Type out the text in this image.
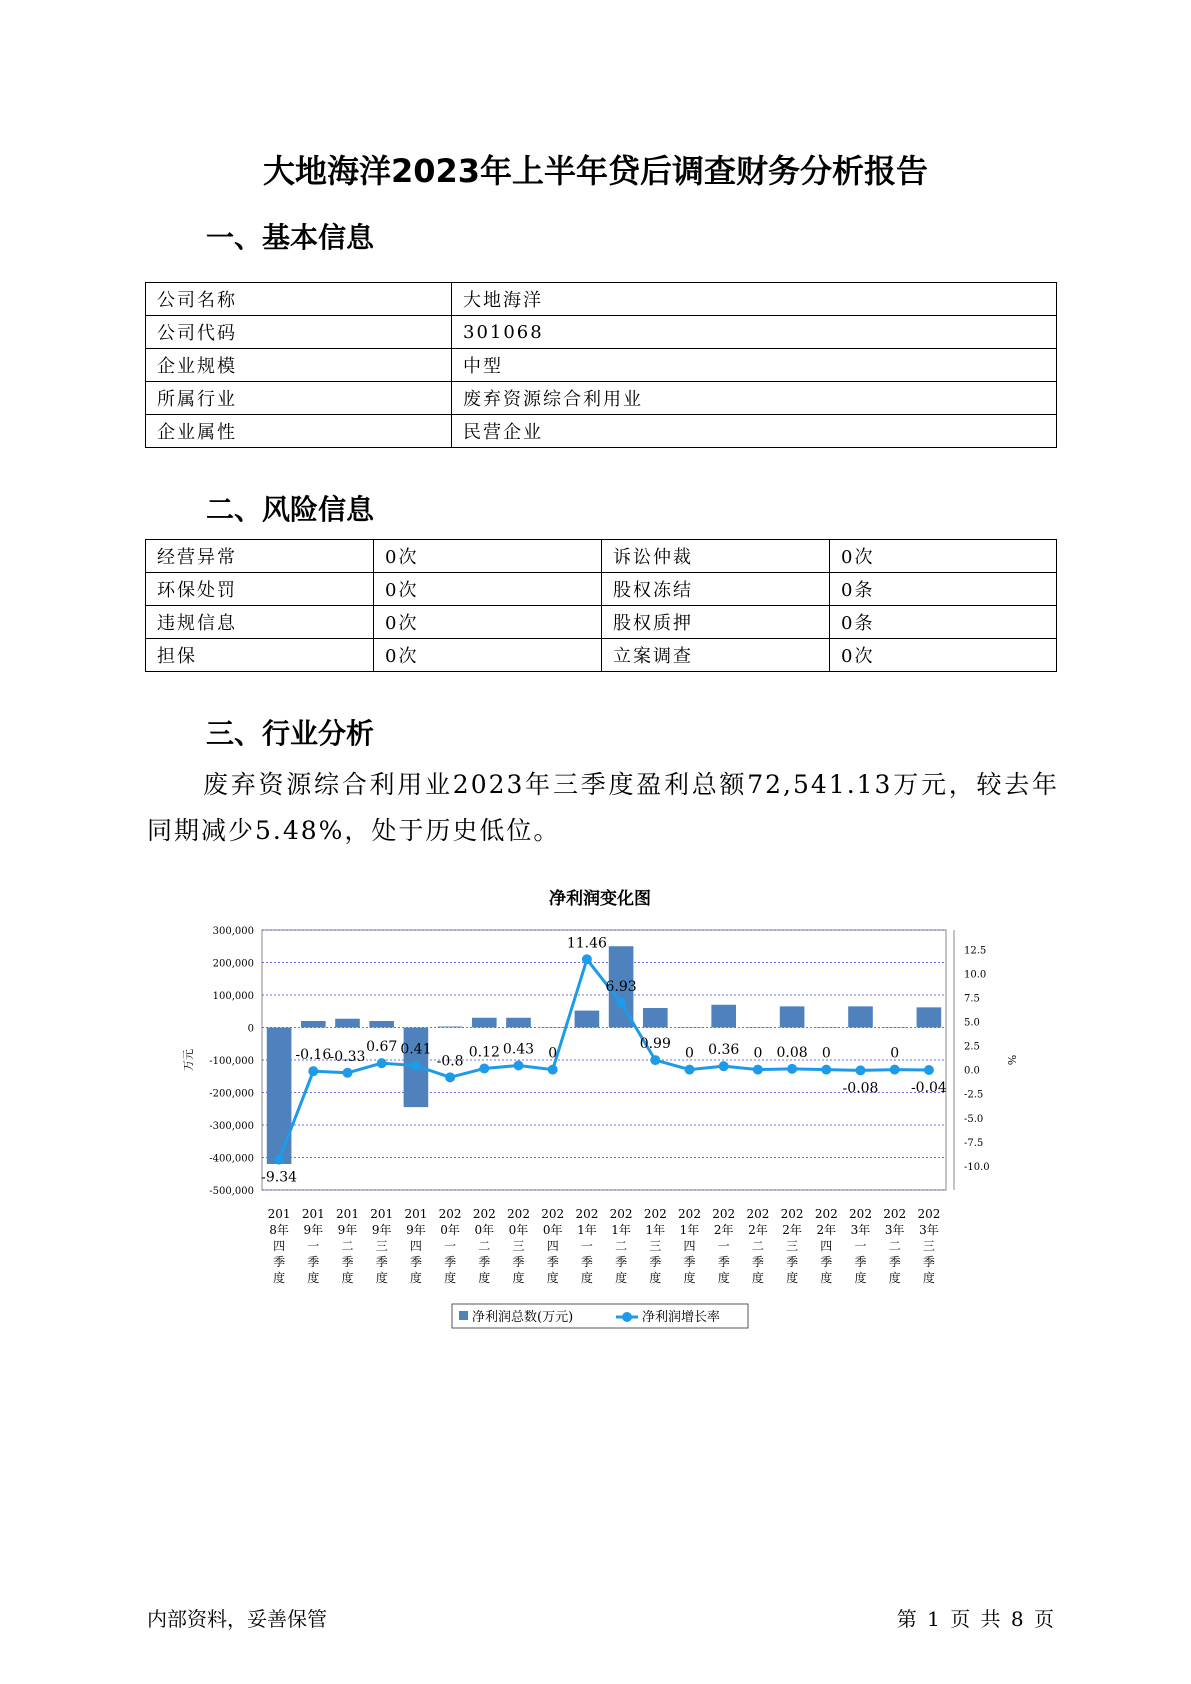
大地海洋2023年上半年贷后调查财务分析报告
一、基本信息
公司名称	大地海洋
公司代码	301068
企业规模	中型
所属行业	废弃资源综合利用业
企业属性	民营企业
二、风险信息
经营异常	0次	诉讼仲裁	0次
环保处罚	0次	股权冻结	0条
违规信息	0次	股权质押	0条
担保	0次	立案调查	0次
三、行业分析
废弃资源综合利用业2023年三季度盈利总额72,541.13万元，较去年同期减少5.48%，处于历史低位。
净利润变化图
300,000
200,000
100,000
0
-100,000
-200,000
-300,000
-400,000
-500,000
12.5
10.0
7.5
5.0
2.5
0.0
-2.5
-5.0
-7.5
-10.0
万元	%
-9.34
-0.16
-0.33
0.67 0.41
-0.8
0.12 0.43 0
11.46
6.93
0.99
0 0.36 0 0.08 0
-0.08
0
-0.04
201
8年
四
季
度
201
9年
一
季
度
201
9年
二
季
度
201
9年
三
季
度
201
9年
四
季
度
202
0年
一
季
度
202
0年
二
季
度
202
0年
三
季
度
202
0年
四
季
度
202
1年
一
季
度
202
1年
二
季
度
202
1年
三
季
度
202
1年
四
季
度
202
2年
一
季
度
202
2年
二
季
度
202
2年
三
季
度
202
2年
四
季
度
202
3年
一
季
度
202
3年
二
季
度
202
3年
三
季
度
净利润总数(万元)	净利润增长率
内部资料，妥善保管	第 1 页 共 8 页
